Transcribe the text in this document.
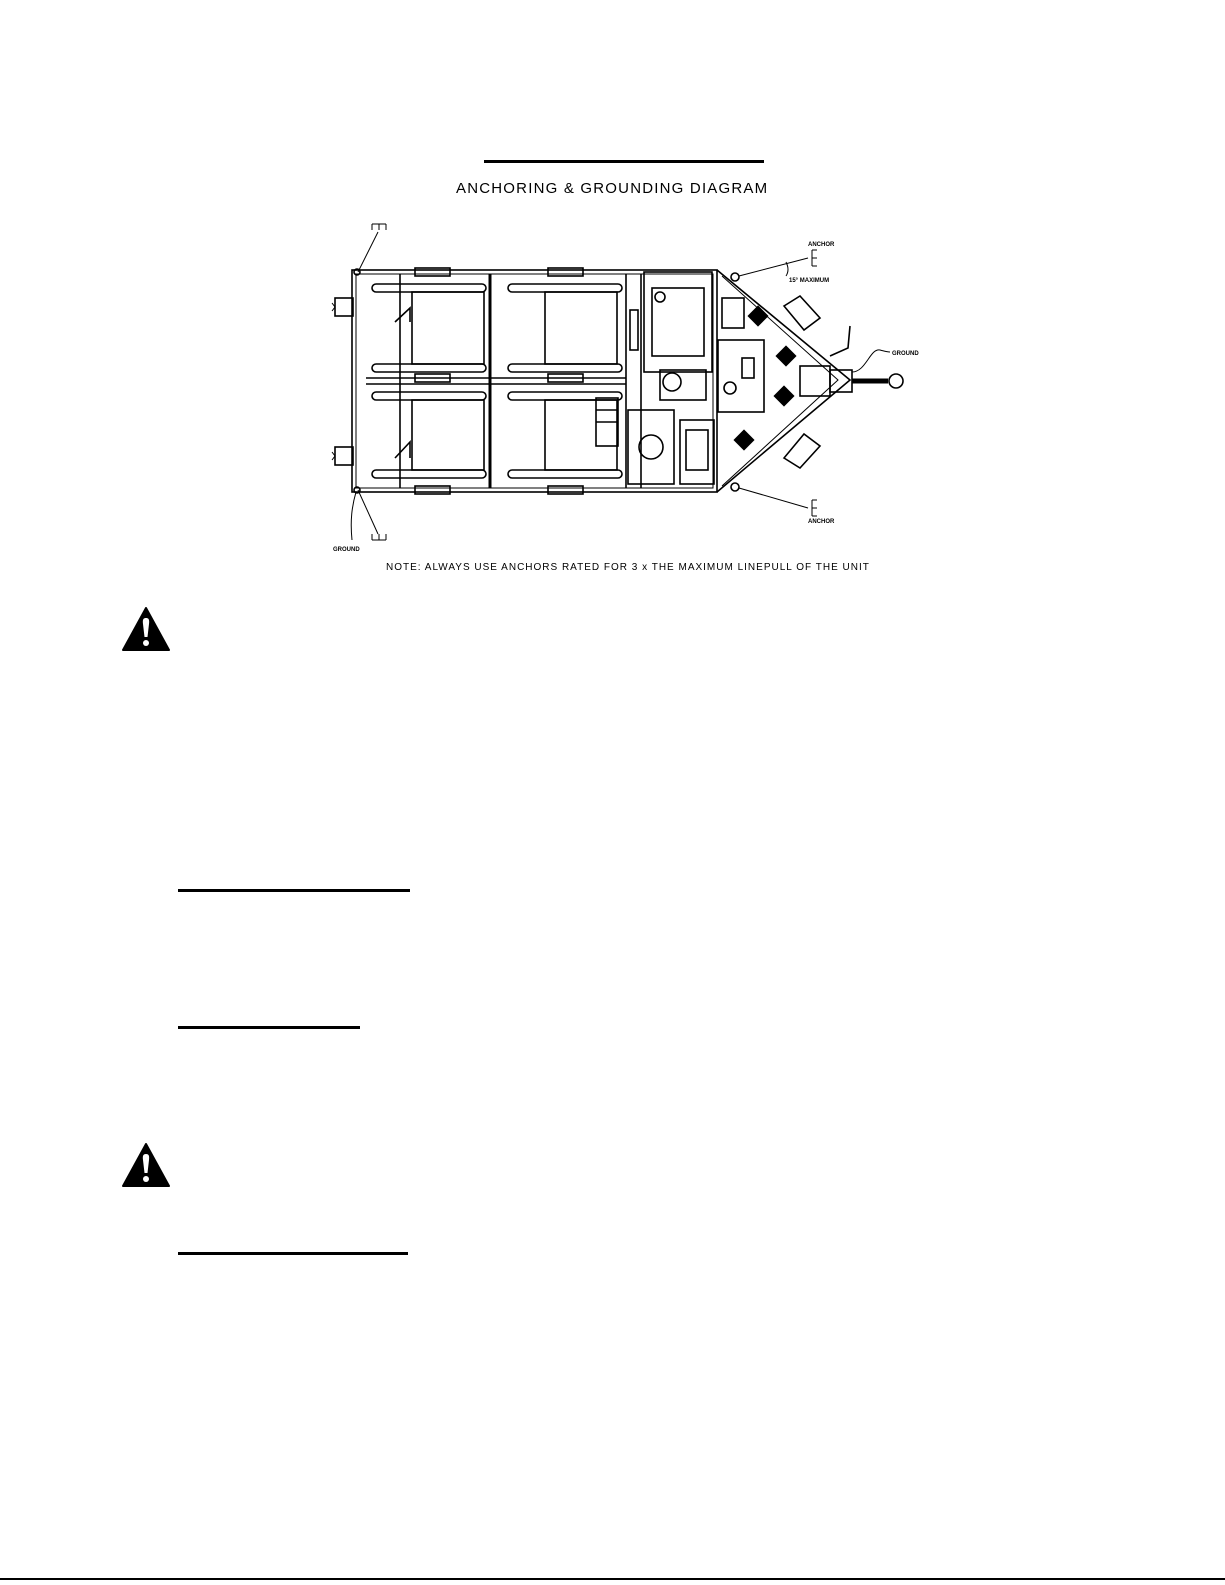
ANCHORING & GROUNDING DIAGRAM
ANCHOR
15° MAXIMUM
GROUND
ANCHOR
GROUND
NOTE: ALWAYS USE ANCHORS RATED FOR 3 x THE MAXIMUM LINEPULL OF THE UNIT
